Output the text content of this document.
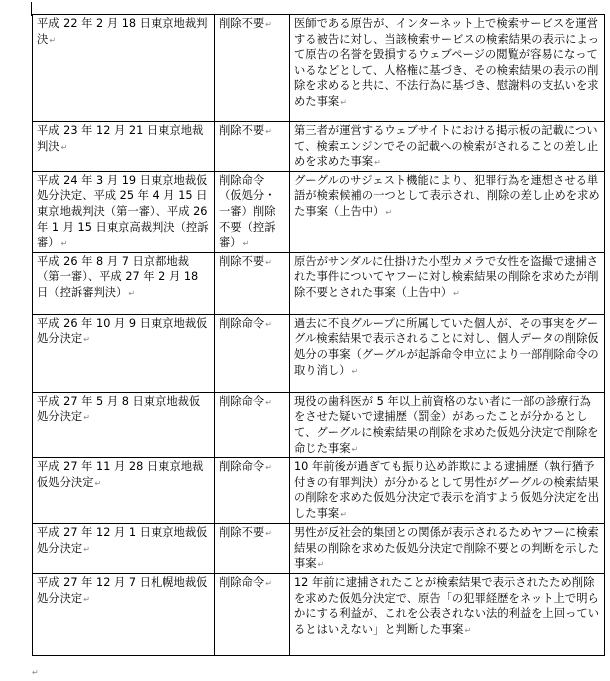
平成 22 年 2 月 18 日東京地裁判決↵	削除不要↵	医師である原告が、インターネット上で検索サービスを運営する被告に対し、当該検索サービスの検索結果の表示によって原告の名誉を毀損するウェブページの閲覧が容易になっているなどとして、人格権に基づき、その検索結果の表示の削除を求めると共に、不法行為に基づき、慰謝料の支払いを求めた事案↵
平成 23 年 12 月 21 日東京地裁判決↵	削除不要↵	第三者が運営するウェブサイトにおける掲示板の記載について、検索エンジンでその記載への検索がされることの差し止めを求めた事案↵
平成 24 年 3 月 19 日東京地裁仮処分決定、平成 25 年 4 月 15 日東京地裁判決（第一審）、平成 26 年 1 月 15 日東京高裁判決（控訴審）↵	削除命令（仮処分・一審）削除不要（控訴審）↵	グーグルのサジェスト機能により、犯罪行為を連想させる単語が検索候補の一つとして表示され、削除の差し止めを求めた事案（上告中）↵
平成 26 年 8 月 7 日京都地裁（第一審）、平成 27 年 2 月 18 日（控訴審判決）↵	削除不要↵	原告がサンダルに仕掛けた小型カメラで女性を盗撮で逮捕された事件についてヤフーに対し検索結果の削除を求めたが削除不要とされた事案（上告中）↵
平成 26 年 10 月 9 日東京地裁仮処分決定↵	削除命令↵	過去に不良グループに所属していた個人が、その事実をグーグル検索結果で表示されることに対し、個人データの削除仮処分の事案（グーグルが起訴命令申立により一部削除命令の取り消し）↵
平成 27 年 5 月 8 日東京地裁仮処分決定↵	削除命令↵	現役の歯科医が 5 年以上前資格のない者に一部の診療行為をさせた疑いで逮捕歴（罰金）があったことが分かるとして、グーグルに検索結果の削除を求めた仮処分決定で削除を命じた事案↵
平成 27 年 11 月 28 日東京地裁仮処分決定↵	削除命令↵	10 年前後が過ぎても振り込め詐欺による逮捕歴（執行猶予付きの有罪判決）が分かるとして男性がグーグルの検索結果の削除を求めた仮処分決定で表示を消すよう仮処分決定を出した事案↵
平成 27 年 12 月 1 日東京地裁仮処分決定↵	削除不要↵	男性が反社会的集団との関係が表示されるためヤフーに検索結果の削除を求めた仮処分決定で削除不要との判断を示した事案↵
平成 27 年 12 月 7 日札幌地裁仮処分決定↵	削除命令↵	12 年前に逮捕されたことが検索結果で表示されたため削除を求めた仮処分決定で、原告「の犯罪経歴をネット上で明らかにする利益が、これを公表されない法的利益を上回っているとはいえない」と判断した事案↵
↵
